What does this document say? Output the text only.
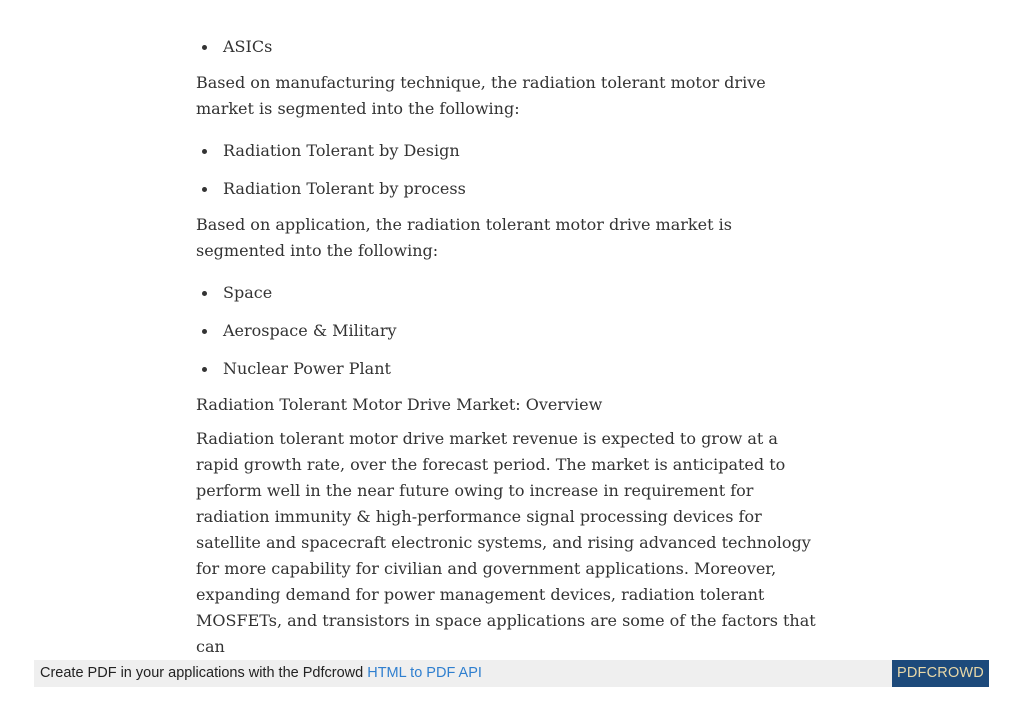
ASICs

Based on manufacturing technique, the radiation tolerant motor drive market is segmented into the following:

Radiation Tolerant by Design
Radiation Tolerant by process

Based on application, the radiation tolerant motor drive market is segmented into the following:

Space
Aerospace & Military
Nuclear Power Plant

Radiation Tolerant Motor Drive Market: Overview

Radiation tolerant motor drive market revenue is expected to grow at a rapid growth rate, over the forecast period. The market is anticipated to perform well in the near future owing to increase in requirement for radiation immunity & high-performance signal processing devices for satellite and spacecraft electronic systems, and rising advanced technology for more capability for civilian and government applications. Moreover, expanding demand for power management devices, radiation tolerant MOSFETs, and transistors in space applications are some of the factors that can

Create PDF in your applications with the Pdfcrowd HTML to PDF API	PDFCROWD
